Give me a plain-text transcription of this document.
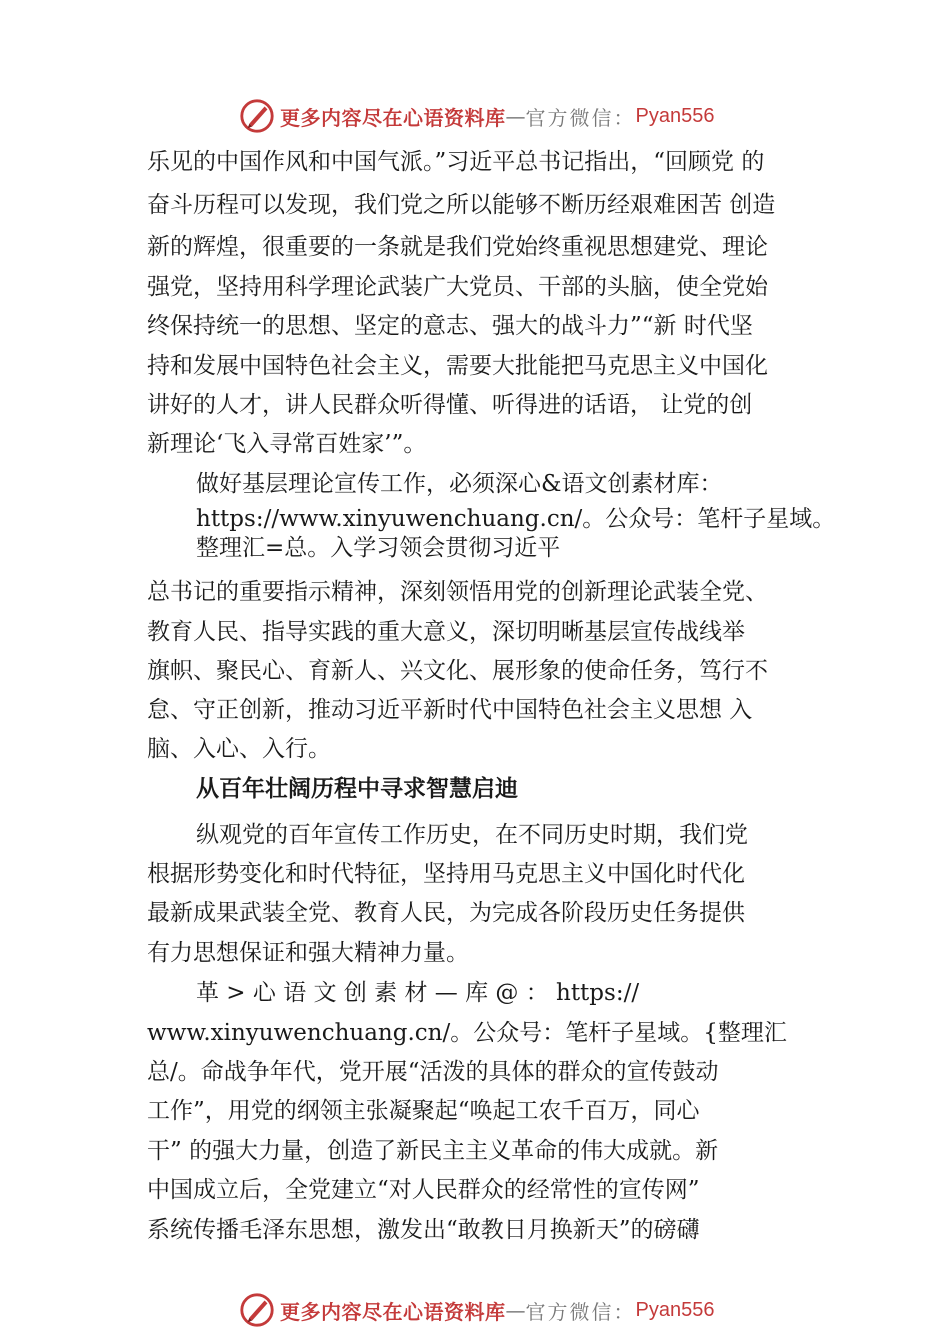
更多内容尽在心语资料库 — 官方微信： Pyan556
乐见的中国作风和中国气派。”习近平总书记指出，“回顾党 的
奋斗历程可以发现，我们党之所以能够不断历经艰难困苦 创造
新的辉煌，很重要的一条就是我们党始终重视思想建党、理论
强党，坚持用科学理论武装广大党员、干部的头脑，使全党始
终保持统一的思想、坚定的意志、强大的战斗力”“新 时代坚
持和发展中国特色社会主义，需要大批能把马克思主义中国化
讲好的人才，讲人民群众听得懂、听得进的话语， 让党的创
新理论‘飞入寻常百姓家’”。
做好基层理论宣传工作，必须深心&语文创素材库：
https://www.xinyuwenchuang.cn/。公众号：笔杆子星域。
整理汇=总。入学习领会贯彻习近平
总书记的重要指示精神，深刻领悟用党的创新理论武装全党、
教育人民、指导实践的重大意义，深切明晰基层宣传战线举
旗帜、聚民心、育新人、兴文化、展形象的使命任务，笃行不
怠、守正创新，推动习近平新时代中国特色社会主义思想 入
脑、入心、入行。
从百年壮阔历程中寻求智慧启迪
纵观党的百年宣传工作历史，在不同历史时期，我们党
根据形势变化和时代特征，坚持用马克思主义中国化时代化
最新成果武装全党、教育人民，为完成各阶段历史任务提供
有力思想保证和强大精神力量。
革 > 心 语 文 创 素 材 — 库 @ ： https://
www.xinyuwenchuang.cn/。公众号：笔杆子星域。{整理汇
总/。命战争年代，党开展“活泼的具体的群众的宣传鼓动
工作”，用党的纲领主张凝聚起“唤起工农千百万，同心
干” 的强大力量，创造了新民主主义革命的伟大成就。新
中国成立后，全党建立“对人民群众的经常性的宣传网”
系统传播毛泽东思想，激发出“敢教日月换新天”的磅礴
更多内容尽在心语资料库 — 官方微信： Pyan556
